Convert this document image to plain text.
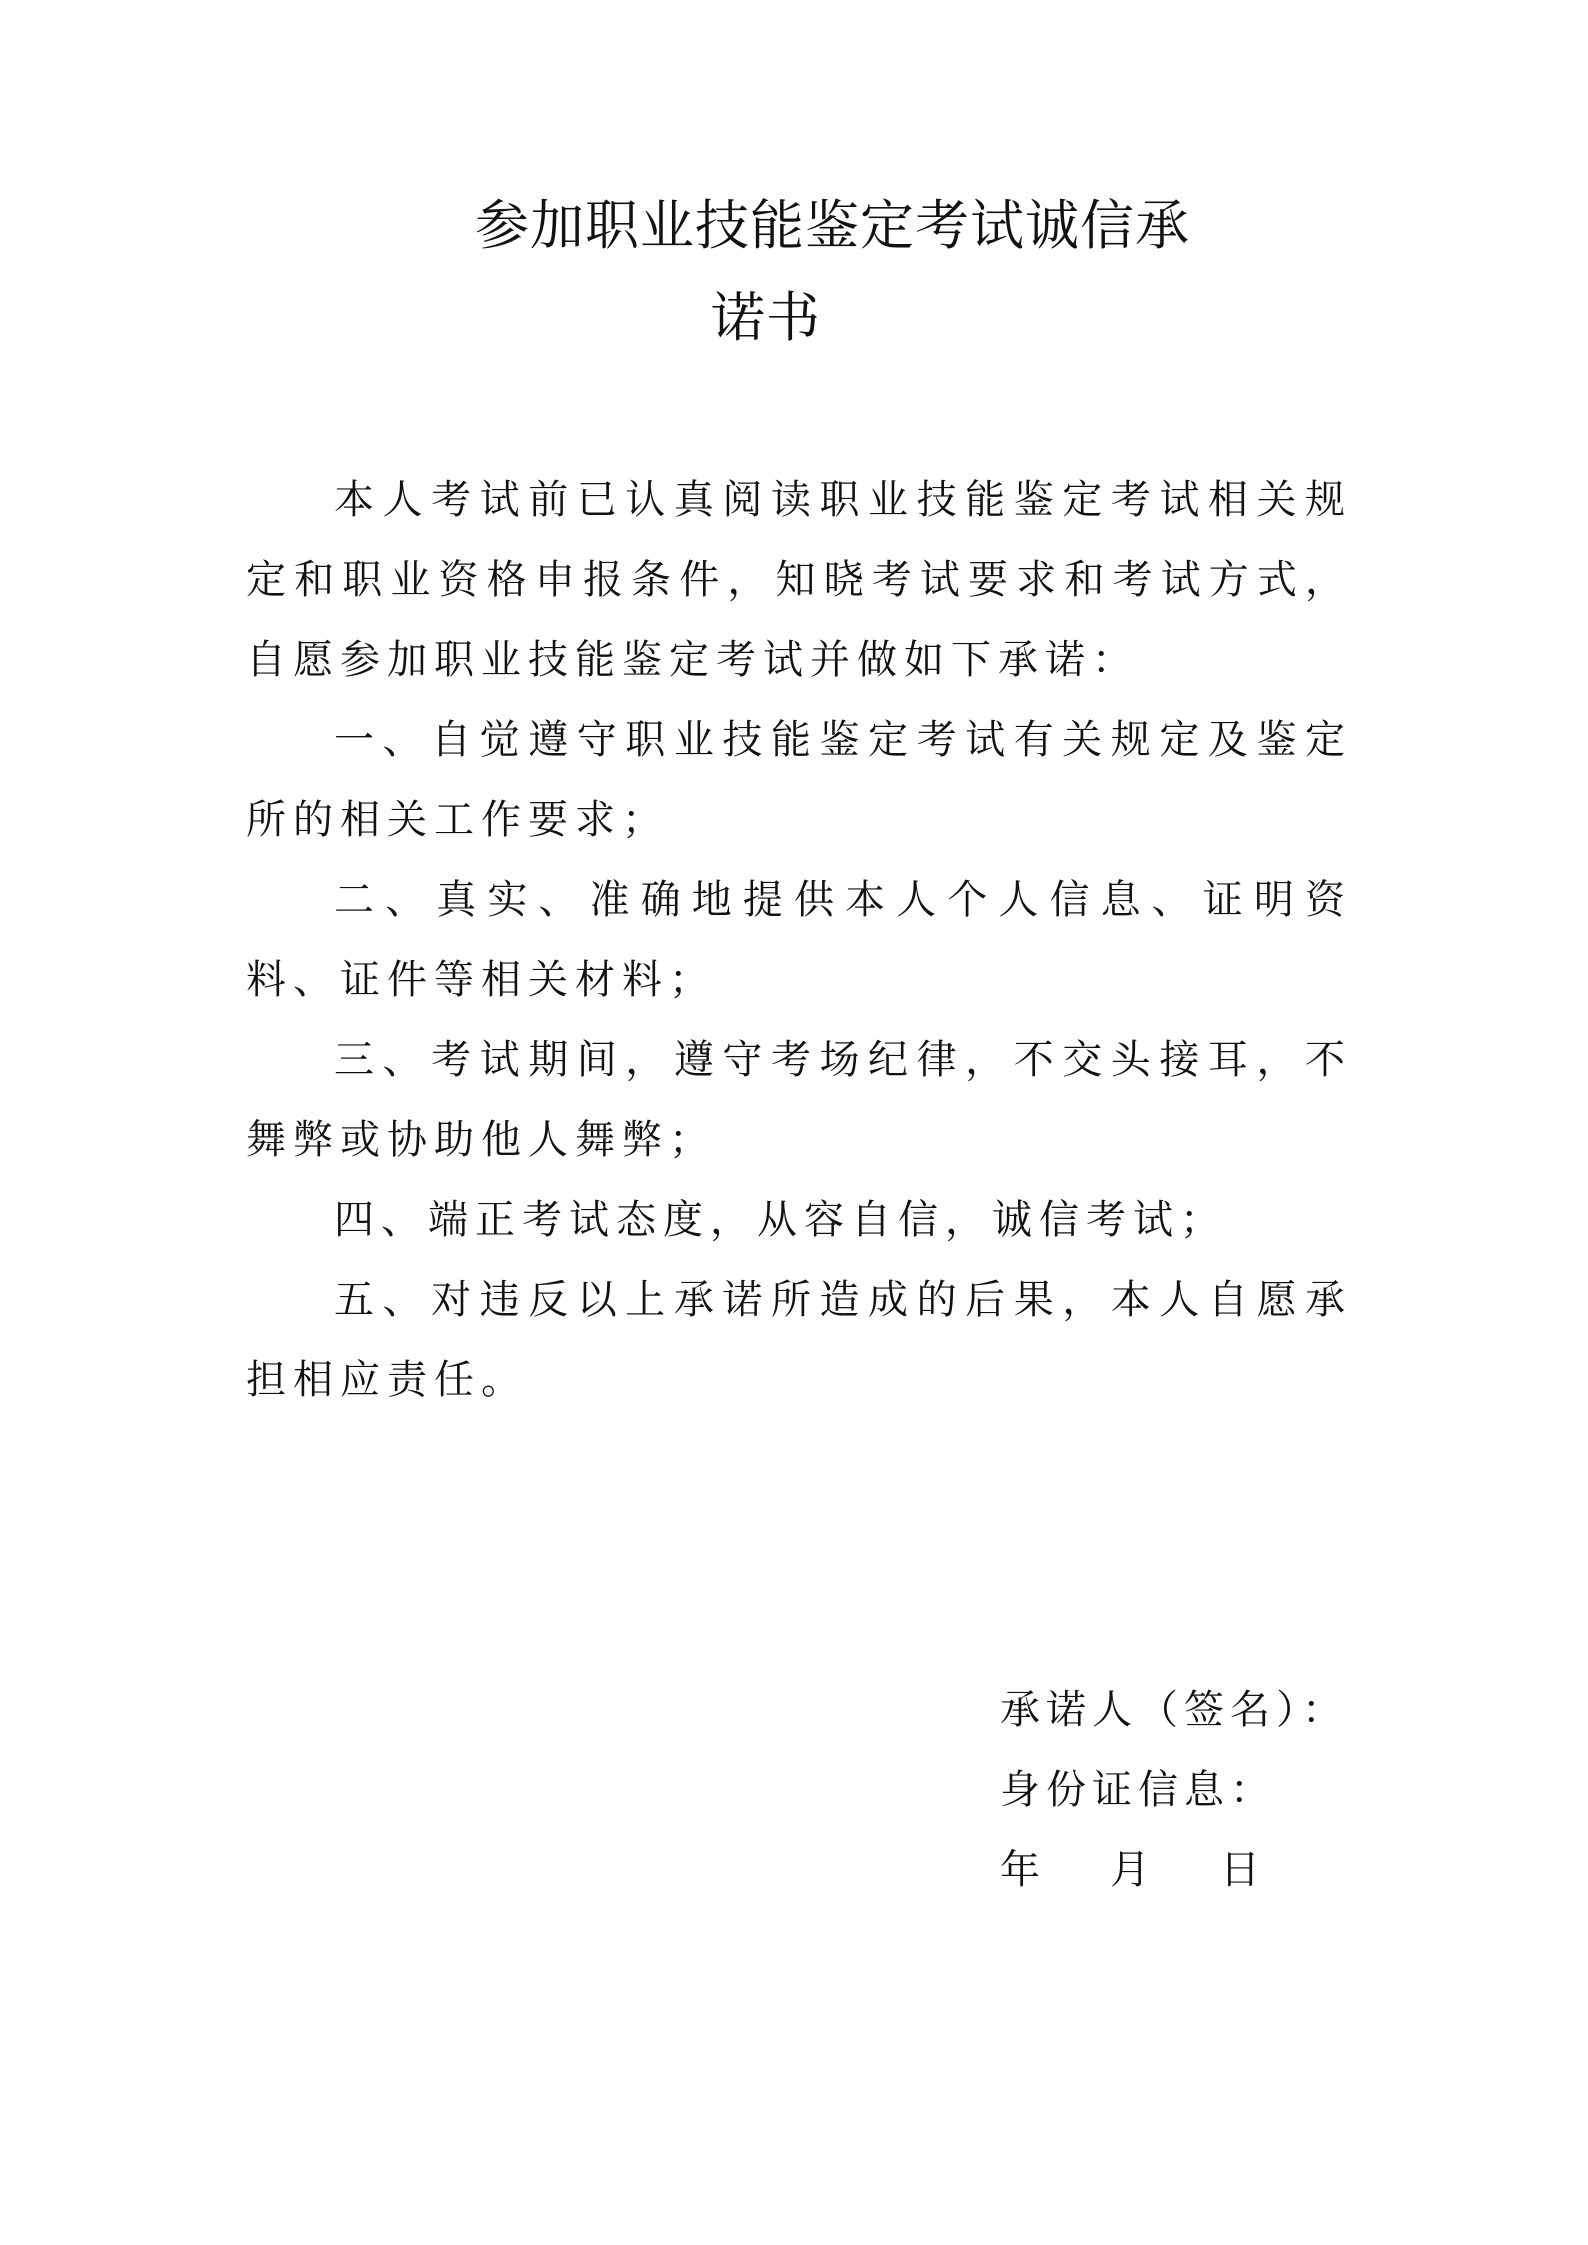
参加职业技能鉴定考试诚信承
诺书

本人考试前已认真阅读职业技能鉴定考试相关规定和职业资格申报条件，知晓考试要求和考试方式，自愿参加职业技能鉴定考试并做如下承诺：

一、自觉遵守职业技能鉴定考试有关规定及鉴定所的相关工作要求；

二、真实、准确地提供本人个人信息、证明资料、证件等相关材料；

三、考试期间，遵守考场纪律，不交头接耳，不舞弊或协助他人舞弊；

四、端正考试态度，从容自信，诚信考试；

五、对违反以上承诺所造成的后果，本人自愿承担相应责任。

承诺人（签名）：
身份证信息：
年 月 日
